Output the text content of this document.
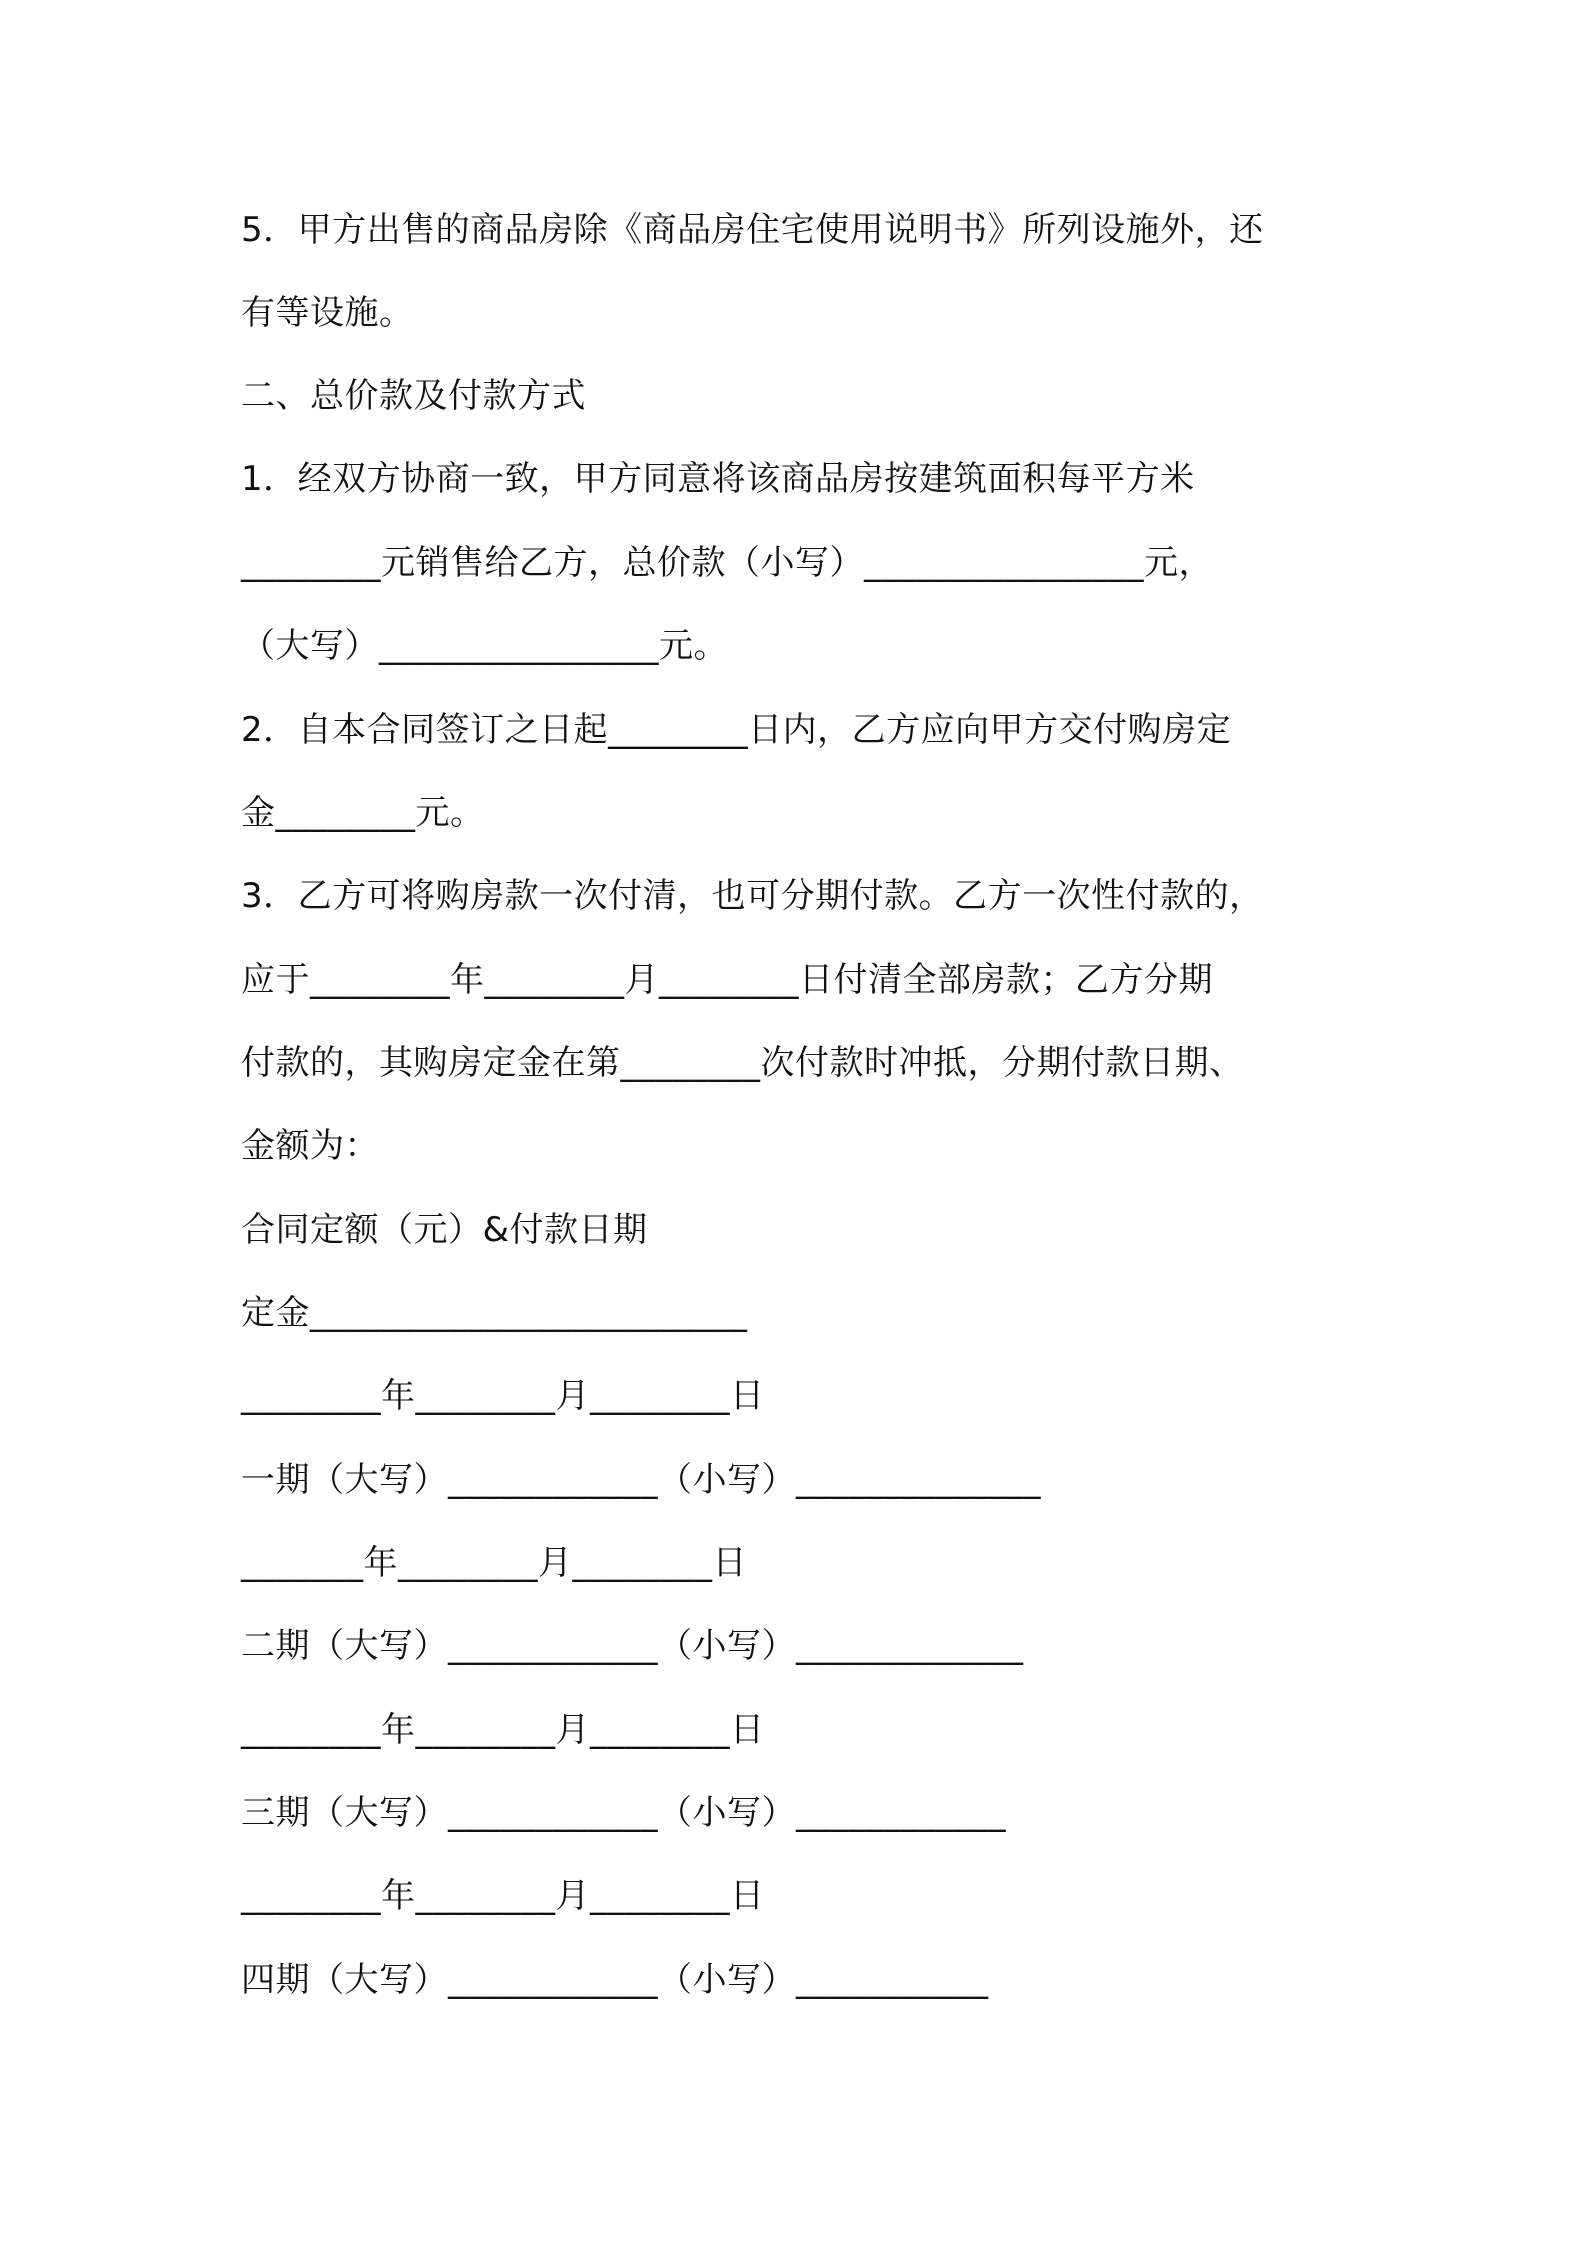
5．甲方出售的商品房除《商品房住宅使用说明书》所列设施外，还
有等设施。
二、总价款及付款方式
1．经双方协商一致，甲方同意将该商品房按建筑面积每平方米
________元销售给乙方，总价款（小写）________________元，
（大写）________________元。
2．自本合同签订之日起________日内，乙方应向甲方交付购房定
金________元。
3．乙方可将购房款一次付清，也可分期付款。乙方一次性付款的，
应于________年________月________日付清全部房款；乙方分期
付款的，其购房定金在第________次付款时冲抵，分期付款日期、
金额为：
合同定额（元）&付款日期
定金_________________________
________年________月________日
一期（大写）____________（小写）______________
_______年________月________日
二期（大写）____________（小写）_____________
________年________月________日
三期（大写）____________（小写）____________
________年________月________日
四期（大写）____________（小写）___________
